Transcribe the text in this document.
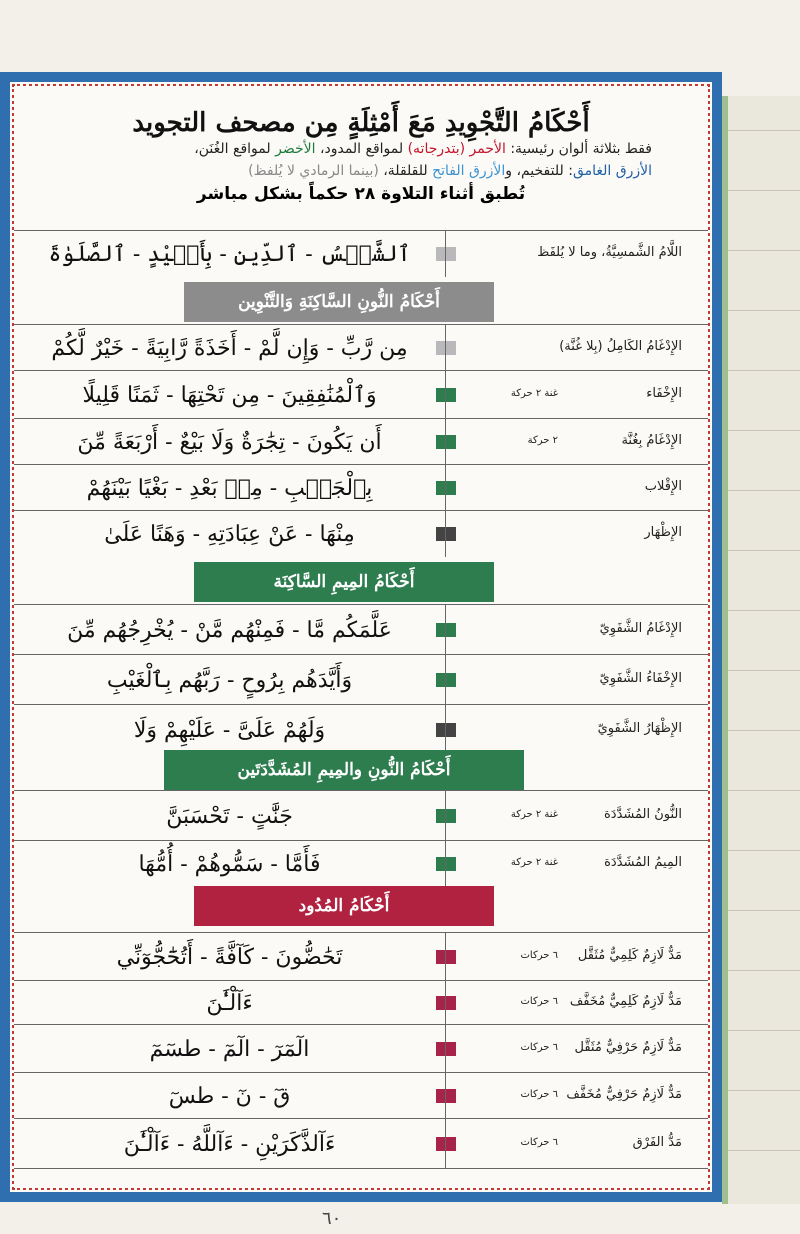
أَحْكَامُ التَّجْوِيدِ مَعَ أَمْثِلَةٍ مِن مصحف التجويد
فقط بثلاثة ألوان رئيسية: الأحمر (بتدرجاته) لمواقع المدود، الأخضر لمواقع الغُنَن،
الأزرق الغامق: للتفخيم، والأزرق الفاتح للقلقلة، (بينما الرمادي لا يُلفظ)
تُطبق أثناء التلاوة ٢٨ حكماً بشكل مباشر
اللَّامُ الشَّمسِيَّةُ، وما لا يُلفَظ
ٱلشَّمۡسُ - ٱلدِّينِ - بِأَيۡيْدٍ - ٱلصَّلَوٰةَ
أَحْكَامُ النُّونِ السَّاكِنَةِ وَالتَّنْوِين
الإِدْغَامُ الكَامِلُ (بِلا غُنَّة)
مِن رَّبِّ - وَإِن لَّمْ - أَخَذَةً رَّابِيَةً - خَيْرٌ لَّكُمْ
الإِخْفَاء
غنة ٢ حركة
وَٱلْمُنَٰفِقِينَ - مِن تَحْتِهَا - ثَمَنًا قَلِيلًا
الإِدْغَامُ بِغُنَّة
٢ حركة
أَن يَكُونَ - تِجَٰرَةٌ وَلَا بَيْعٌ - أَرْبَعَةً مِّنَ
الإِقْلاب
بِٱلْجَنۢبِ - مِنۢ بَعْدِ - بَغْيًا بَيْنَهُمْ
الإِظْهَار
مِنْهَا - عَنْ عِبَادَتِهِ - وَهَنًا عَلَىٰ
أَحْكَامُ المِيمِ السَّاكِنَة
الإِدْغَامُ الشَّفَوِيّ
عَلَّمَكُم مَّا - فَمِنْهُم مَّنْ - يُخْرِجُهُم مِّنَ
الإِخْفَاءُ الشَّفَوِيّ
وَأَيَّدَهُم بِرُوحٍ - رَبَّهُم بِٱلْغَيْبِ
الإِظْهَارُ الشَّفَوِيّ
وَلَهُمْ عَلَىَّ - عَلَيْهِمْ وَلَا
أَحْكَامُ النُّونِ والمِيمِ المُشَدَّدَتَين
النُّونُ المُشَدَّدَة
غنة ٢ حركة
جَنَّٰتٍ - تَحْسَبَنَّ
المِيمُ المُشَدَّدَة
غنة ٢ حركة
فَأَمَّا - سَمُّوهُمْ - أُمُّهَا
أَحْكَامُ المُدُود
مَدٌّ لَازِمٌ كَلِمِيٌّ مُثَقَّل
٦ حركات
تَحَٰضُّونَ - كَآفَّةً - أَتُحَٰٓجُّوٓنِّي
مَدٌّ لَازِمٌ كَلِمِيٌّ مُخَفَّف
٦ حركات
ءَآلْـَٰٔنَ
مَدٌّ لَازِمٌ حَرْفِيٌّ مُثَقَّل
٦ حركات
الٓمٓرٓ - الٓمٓ - طسٓمٓ
مَدٌّ لَازِمٌ حَرْفِيٌّ مُخَفَّف
٦ حركات
قٓ - نٓ - طسٓ
مَدُّ الفَرْق
٦ حركات
ءَآلذَّكَرَيْنِ - ءَآللَّهُ - ءَآلْـَٰٔنَ
٦٠
